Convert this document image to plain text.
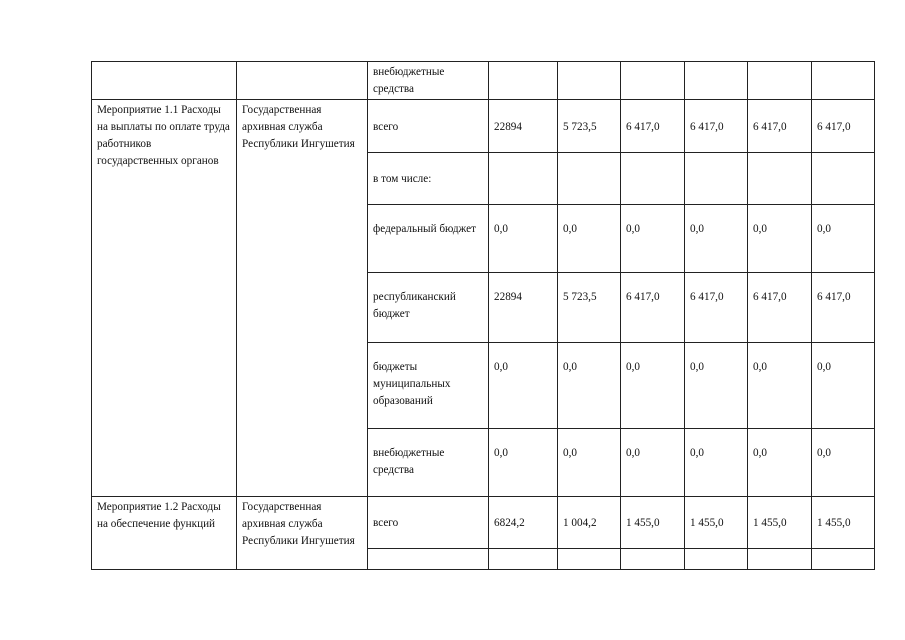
		внебюджетные средства						
Мероприятие 1.1 Расходы на выплаты по оплате труда работников государственных органов	Государственная архивная служба Республики Ингушетия	всего	22894	5 723,5	6 417,0	6 417,0	6 417,0	6 417,0
		в том числе:						
		федеральный бюджет	0,0	0,0	0,0	0,0	0,0	0,0
		республиканский бюджет	22894	5 723,5	6 417,0	6 417,0	6 417,0	6 417,0
		бюджеты муниципальных образований	0,0	0,0	0,0	0,0	0,0	0,0
		внебюджетные средства	0,0	0,0	0,0	0,0	0,0	0,0
Мероприятие 1.2 Расходы на обеспечение функций	Государственная архивная служба Республики Ингушетия	всего	6824,2	1 004,2	1 455,0	1 455,0	1 455,0	1 455,0
